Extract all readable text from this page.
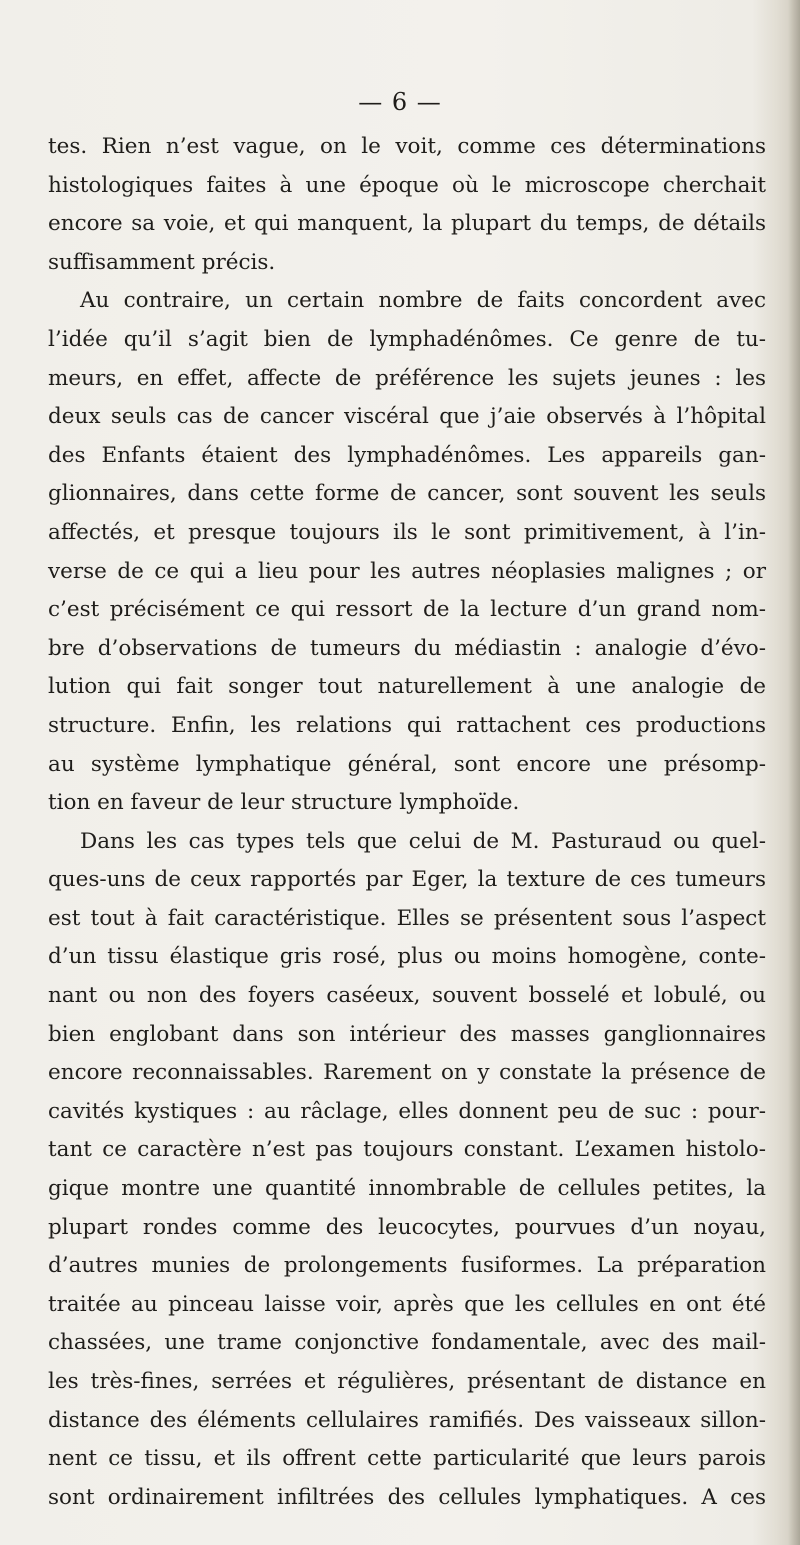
— 6 —
tes. Rien n’est vague, on le voit, comme ces déterminations
histologiques faites à une époque où le microscope cherchait
encore sa voie, et qui manquent, la plupart du temps, de détails
suffisamment précis.
Au contraire, un certain nombre de faits concordent avec
l’idée qu’il s’agit bien de lymphadénômes. Ce genre de tu-
meurs, en effet, affecte de préférence les sujets jeunes : les
deux seuls cas de cancer viscéral que j’aie observés à l’hôpital
des Enfants étaient des lymphadénômes. Les appareils gan-
glionnaires, dans cette forme de cancer, sont souvent les seuls
affectés, et presque toujours ils le sont primitivement, à l’in-
verse de ce qui a lieu pour les autres néoplasies malignes ; or
c’est précisément ce qui ressort de la lecture d’un grand nom-
bre d’observations de tumeurs du médiastin : analogie d’évo-
lution qui fait songer tout naturellement à une analogie de
structure. Enfin, les relations qui rattachent ces productions
au système lymphatique général, sont encore une présomp-
tion en faveur de leur structure lymphoïde.
Dans les cas types tels que celui de M. Pasturaud ou quel-
ques-uns de ceux rapportés par Eger, la texture de ces tumeurs
est tout à fait caractéristique. Elles se présentent sous l’aspect
d’un tissu élastique gris rosé, plus ou moins homogène, conte-
nant ou non des foyers caséeux, souvent bosselé et lobulé, ou
bien englobant dans son intérieur des masses ganglionnaires
encore reconnaissables. Rarement on y constate la présence de
cavités kystiques : au râclage, elles donnent peu de suc : pour-
tant ce caractère n’est pas toujours constant. L’examen histolo-
gique montre une quantité innombrable de cellules petites, la
plupart rondes comme des leucocytes, pourvues d’un noyau,
d’autres munies de prolongements fusiformes. La préparation
traitée au pinceau laisse voir, après que les cellules en ont été
chassées, une trame conjonctive fondamentale, avec des mail-
les très-fines, serrées et régulières, présentant de distance en
distance des éléments cellulaires ramifiés. Des vaisseaux sillon-
nent ce tissu, et ils offrent cette particularité que leurs parois
sont ordinairement infiltrées des cellules lymphatiques. A ces
